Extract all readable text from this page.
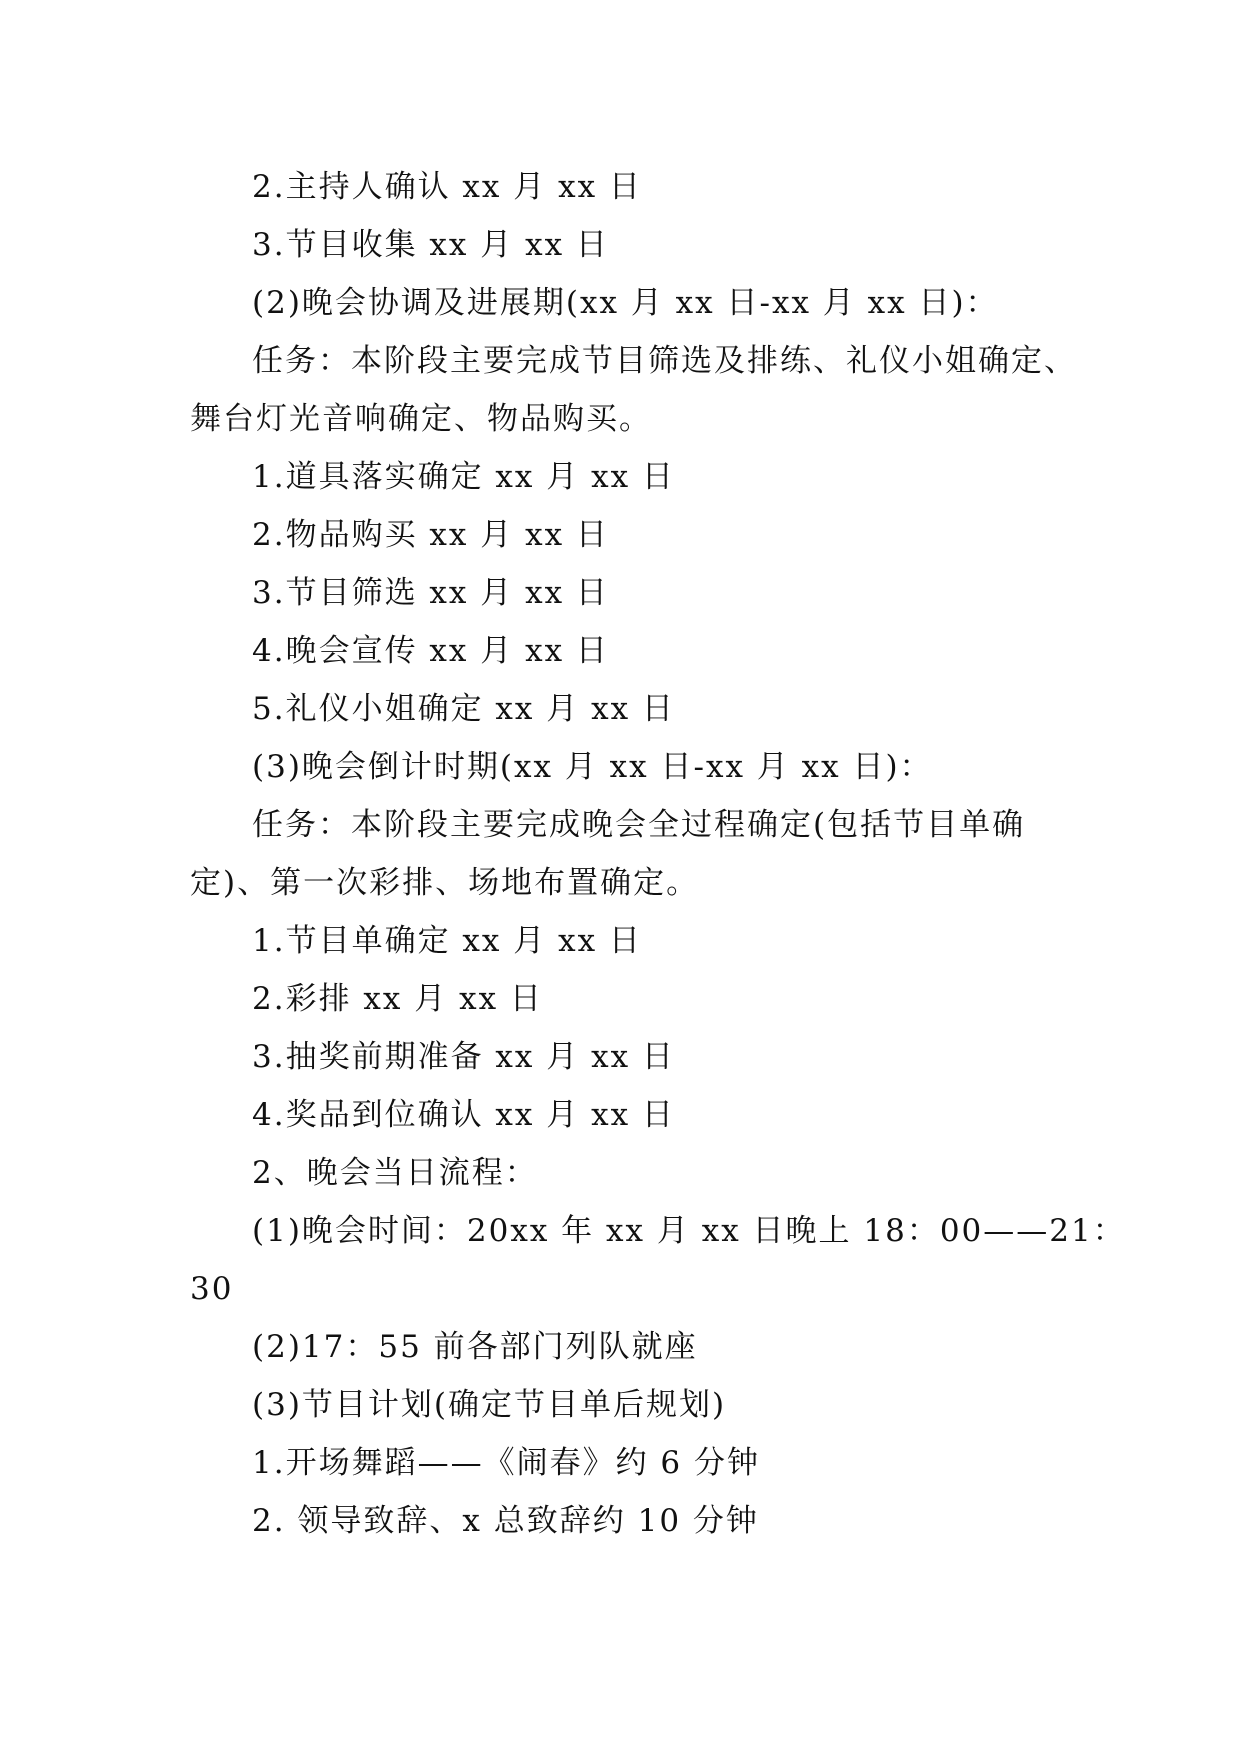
2.主持人确认 xx 月 xx 日
3.节目收集 xx 月 xx 日
(2)晚会协调及进展期(xx 月 xx 日-xx 月 xx 日)：
任务：本阶段主要完成节目筛选及排练、礼仪小姐确定、
舞台灯光音响确定、物品购买。
1.道具落实确定 xx 月 xx 日
2.物品购买 xx 月 xx 日
3.节目筛选 xx 月 xx 日
4.晚会宣传 xx 月 xx 日
5.礼仪小姐确定 xx 月 xx 日
(3)晚会倒计时期(xx 月 xx 日-xx 月 xx 日)：
任务：本阶段主要完成晚会全过程确定(包括节目单确
定)、第一次彩排、场地布置确定。
1.节目单确定 xx 月 xx 日
2.彩排 xx 月 xx 日
3.抽奖前期准备 xx 月 xx 日
4.奖品到位确认 xx 月 xx 日
2、晚会当日流程：
(1)晚会时间：20xx 年 xx 月 xx 日晚上 18：00——21：
30
(2)17：55 前各部门列队就座
(3)节目计划(确定节目单后规划)
1.开场舞蹈——《闹春》约 6 分钟
2. 领导致辞、x 总致辞约 10 分钟
